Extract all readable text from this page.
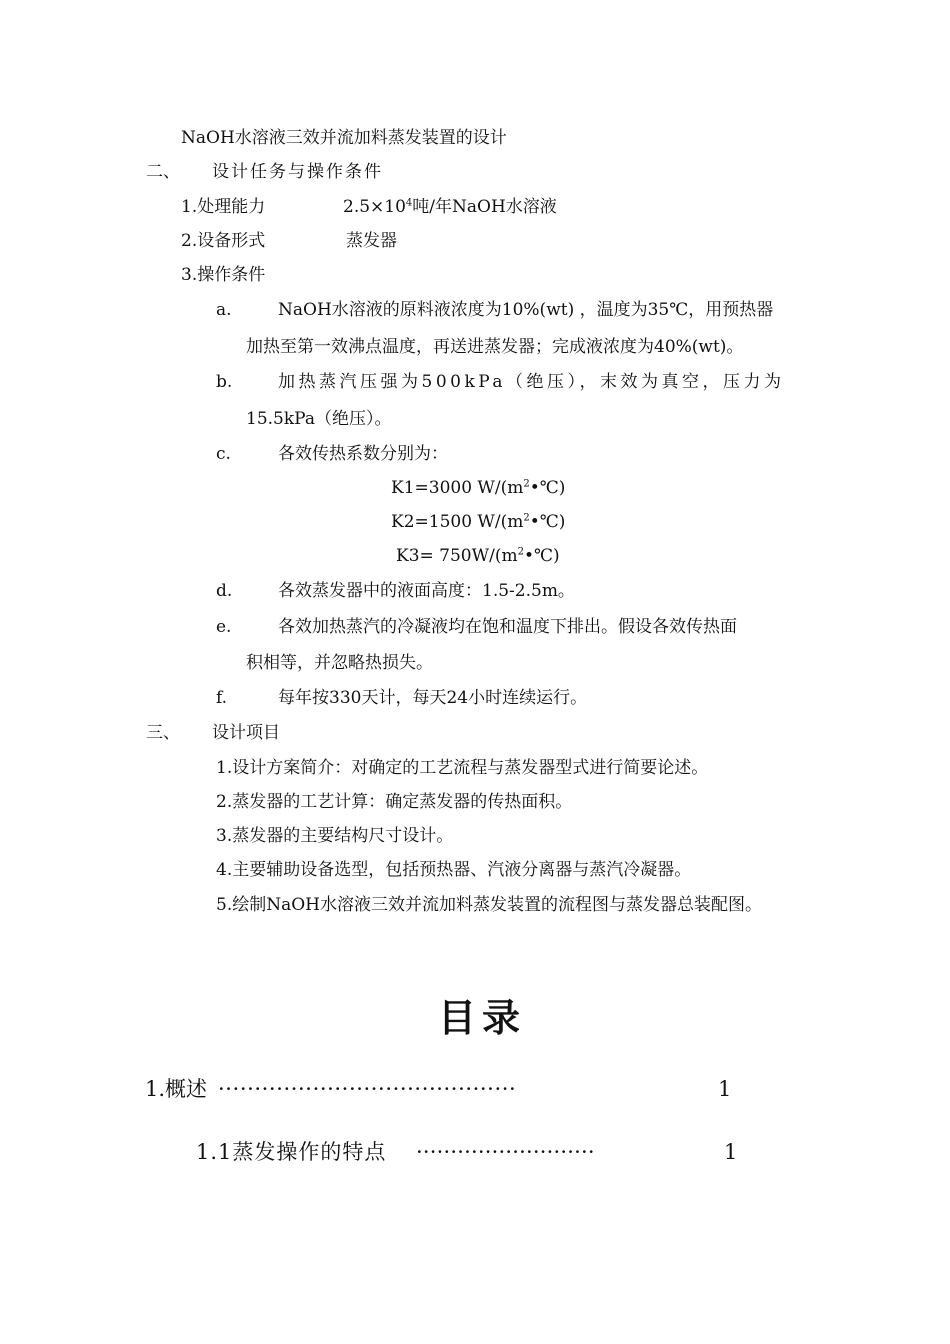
NaOH水溶液三效并流加料蒸发装置的设计
二、 设计任务与操作条件
1.处理能力	$2.5\times 10^4$吨/年NaOH水溶液
2.设备形式	蒸发器
3.操作条件
a.	NaOH水溶液的原料液浓度为10%(wt) ，温度为35℃，用预热器
加热至第一效沸点温度，再送进蒸发器；完成液浓度为40%(wt)。
b.	加热蒸汽压强为500kPa（绝压），末效为真空，压力为
15.5kPa（绝压）。
c.	各效传热系数分别为：
K1=3000 $W/(m^2•℃)$
K2=1500 $W/(m^2•℃)$
$K3= 750W/(m^2•℃)$
d.	各效蒸发器中的液面高度：1.5-2.5m。
e.	各效加热蒸汽的冷凝液均在饱和温度下排出。假设各效传热面
积相等，并忽略热损失。
f.	每年按330天计，每天24小时连续运行。
三、 设计项目
1.设计方案简介：对确定的工艺流程与蒸发器型式进行简要论述。
2.蒸发器的工艺计算：确定蒸发器的传热面积。
3.蒸发器的主要结构尺寸设计。
4.主要辅助设备选型，包括预热器、汽液分离器与蒸汽冷凝器。
5.绘制NaOH水溶液三效并流加料蒸发装置的流程图与蒸发器总装配图。
目录
1.概述 ·········································	1
1.1蒸发操作的特点 ··························	1
